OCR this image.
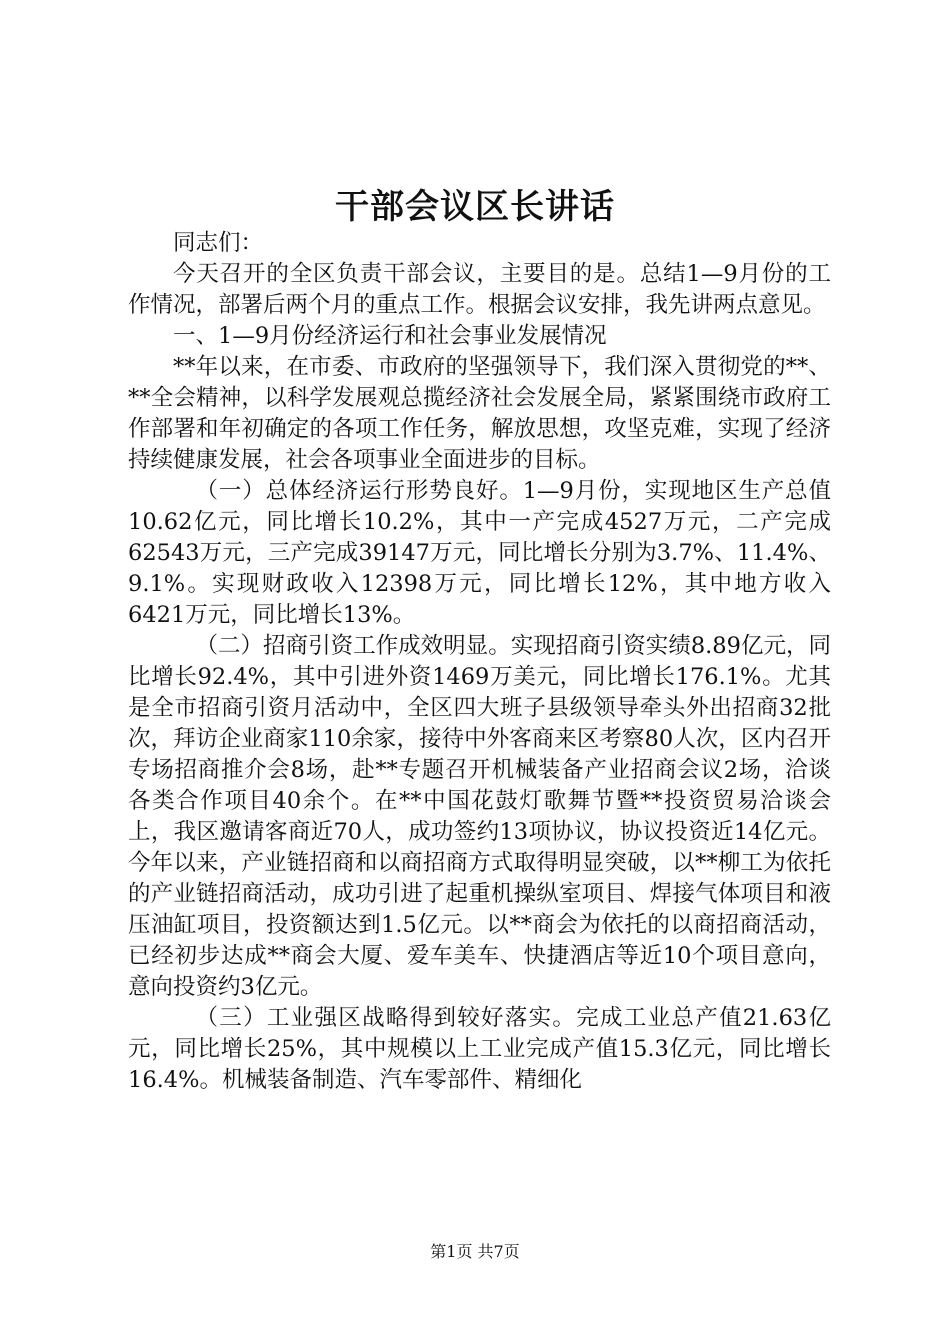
干部会议区长讲话

同志们：

今天召开的全区负责干部会议，主要目的是。总结1—9月份的工作情况，部署后两个月的重点工作。根据会议安排，我先讲两点意见。

一、1—9月份经济运行和社会事业发展情况

**年以来，在市委、市政府的坚强领导下，我们深入贯彻党的**、**全会精神，以科学发展观总揽经济社会发展全局，紧紧围绕市政府工作部署和年初确定的各项工作任务，解放思想，攻坚克难，实现了经济持续健康发展，社会各项事业全面进步的目标。

（一）总体经济运行形势良好。1—9月份，实现地区生产总值10.62亿元，同比增长10.2%，其中一产完成4527万元，二产完成62543万元，三产完成39147万元，同比增长分别为3.7%、11.4%、9.1%。实现财政收入12398万元，同比增长12%，其中地方收入6421万元，同比增长13%。

（二）招商引资工作成效明显。实现招商引资实绩8.89亿元，同比增长92.4%，其中引进外资1469万美元，同比增长176.1%。尤其是全市招商引资月活动中，全区四大班子县级领导牵头外出招商32批次，拜访企业商家110余家，接待中外客商来区考察80人次，区内召开专场招商推介会8场，赴**专题召开机械装备产业招商会议2场，洽谈各类合作项目40余个。在**中国花鼓灯歌舞节暨**投资贸易洽谈会上，我区邀请客商近70人，成功签约13项协议，协议投资近14亿元。今年以来，产业链招商和以商招商方式取得明显突破，以**柳工为依托的产业链招商活动，成功引进了起重机操纵室项目、焊接气体项目和液压油缸项目，投资额达到1.5亿元。以**商会为依托的以商招商活动，已经初步达成**商会大厦、爱车美车、快捷酒店等近10个项目意向，意向投资约3亿元。

（三）工业强区战略得到较好落实。完成工业总产值21.63亿元，同比增长25%，其中规模以上工业完成产值15.3亿元，同比增长16.4%。机械装备制造、汽车零部件、精细化

第1页 共7页
